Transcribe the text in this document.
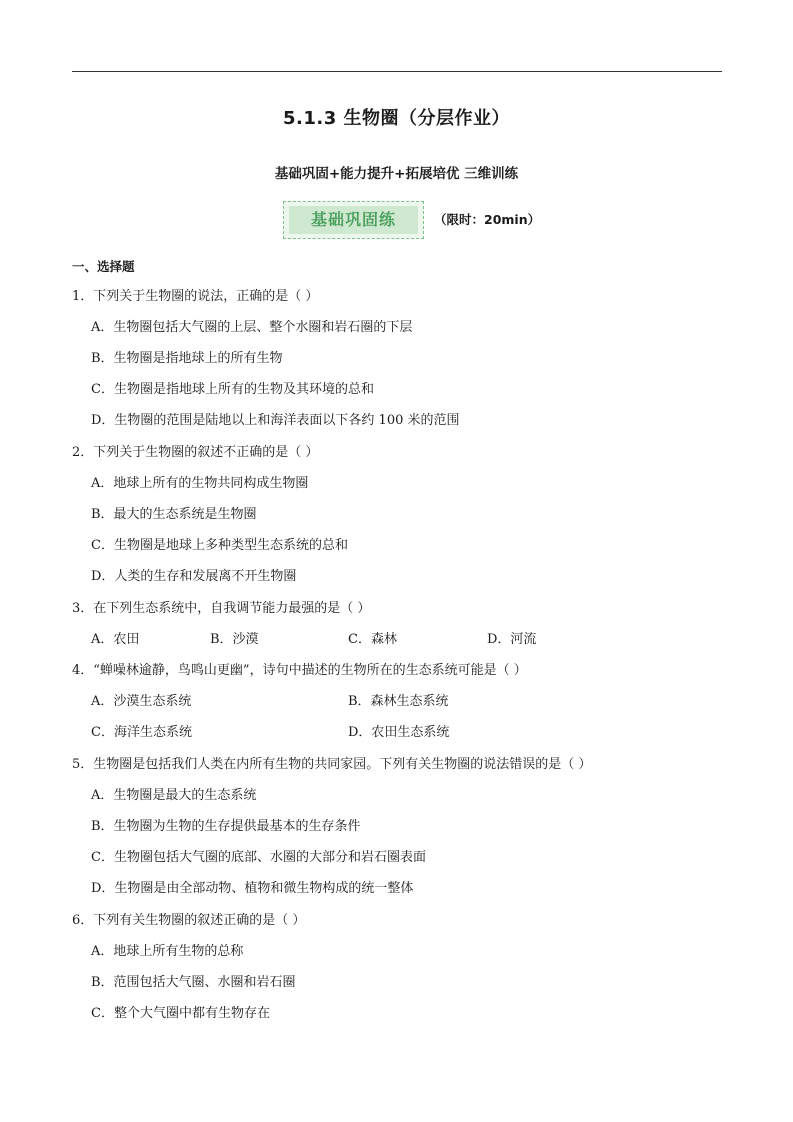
5.1.3 生物圈（分层作业）
基础巩固+能力提升+拓展培优 三维训练
基础巩固练	（限时：20min）
一、选择题
1．下列关于生物圈的说法，正确的是（ ）
A．生物圈包括大气圈的上层、整个水圈和岩石圈的下层
B．生物圈是指地球上的所有生物
C．生物圈是指地球上所有的生物及其环境的总和
D．生物圈的范围是陆地以上和海洋表面以下各约 100 米的范围
2．下列关于生物圈的叙述不正确的是（ ）
A．地球上所有的生物共同构成生物圈
B．最大的生态系统是生物圈
C．生物圈是地球上多种类型生态系统的总和
D．人类的生存和发展离不开生物圈
3．在下列生态系统中，自我调节能力最强的是（ ）
A．农田	B．沙漠	C．森林	D．河流
4．“蝉噪林逾静，鸟鸣山更幽”，诗句中描述的生物所在的生态系统可能是（ ）
A．沙漠生态系统	B．森林生态系统
C．海洋生态系统	D．农田生态系统
5．生物圈是包括我们人类在内所有生物的共同家园。下列有关生物圈的说法错误的是（ ）
A．生物圈是最大的生态系统
B．生物圈为生物的生存提供最基本的生存条件
C．生物圈包括大气圈的底部、水圈的大部分和岩石圈表面
D．生物圈是由全部动物、植物和微生物构成的统一整体
6．下列有关生物圈的叙述正确的是（ ）
A．地球上所有生物的总称
B．范围包括大气圈、水圈和岩石圈
C．整个大气圈中都有生物存在
